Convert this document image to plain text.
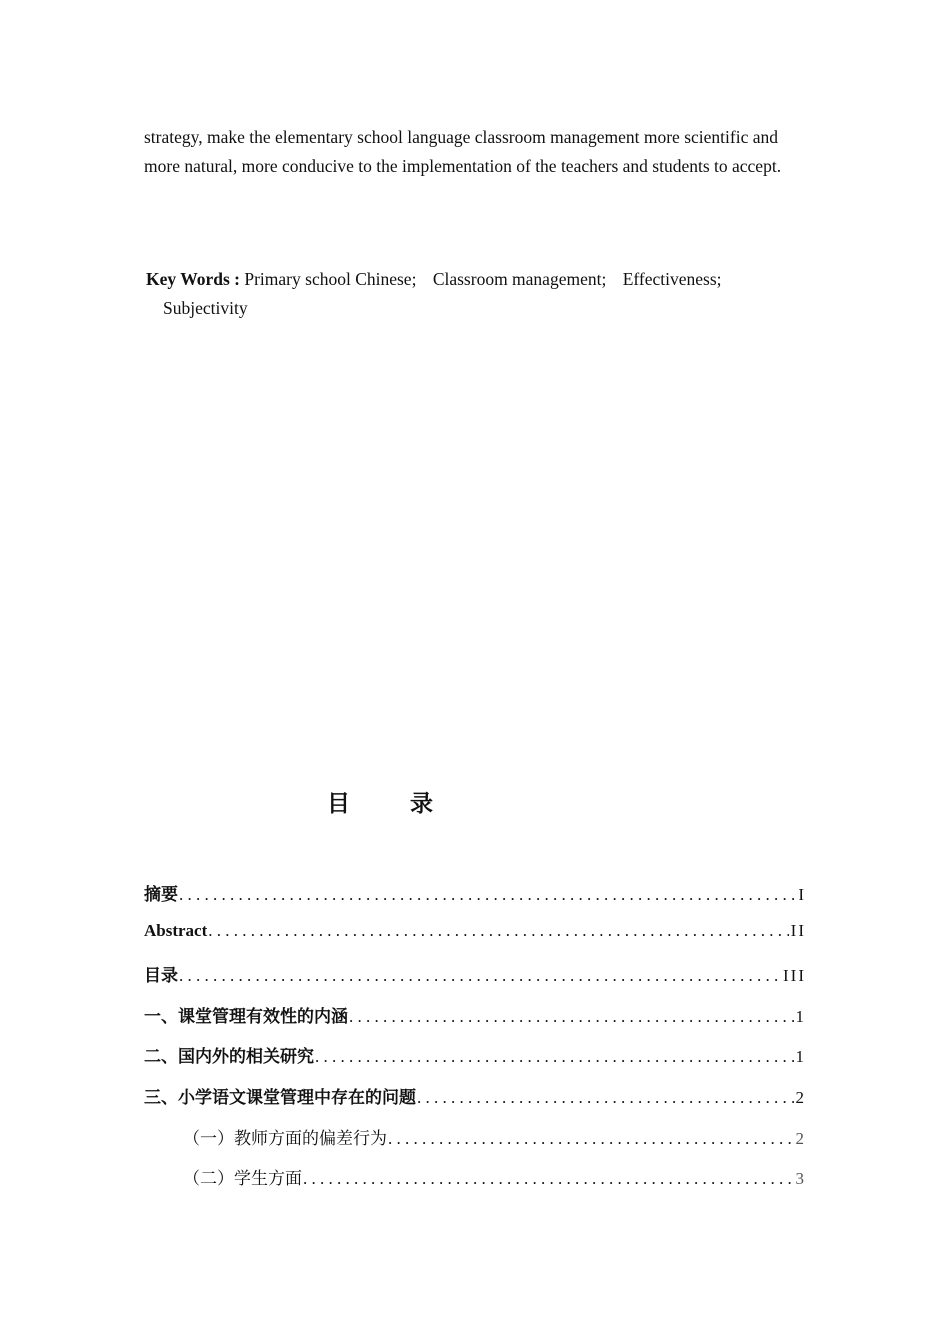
strategy, make the elementary school language classroom management more scientific and more natural, more conducive to the implementation of the teachers and students to accept.

Key Words : Primary school Chinese; Classroom management; Effectiveness;
Subjectivity
目 录
摘要 . . .	I
Abstract . . .	II
目录 . . .	III
一、课堂管理有效性的内涵 . . .	1
二、国内外的相关研究 . . .	1
三、小学语文课堂管理中存在的问题 . . .	2
（一）教师方面的偏差行为 . . .	2
（二）学生方面 . . .	3
